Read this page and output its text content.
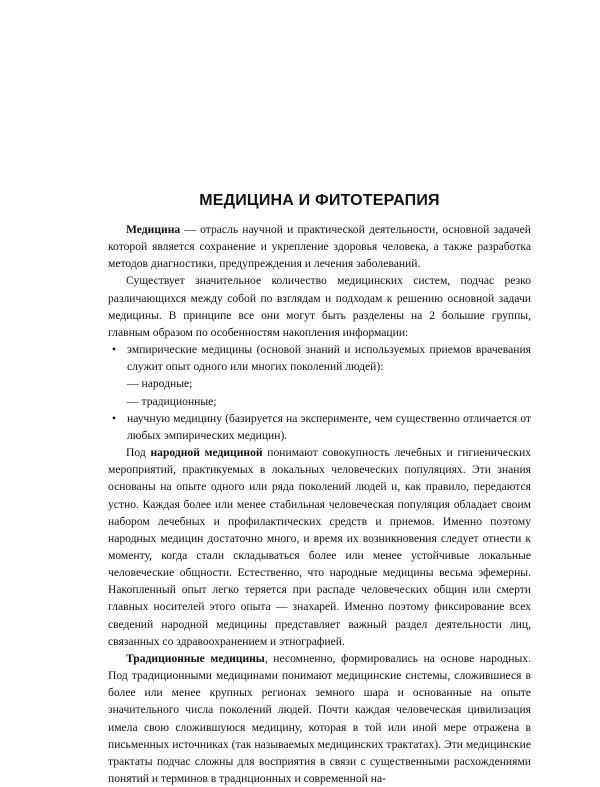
МЕДИЦИНА И ФИТОТЕРАПИЯ

Медицина — отрасль научной и практической деятельности, основной задачей которой является сохранение и укрепление здоровья человека, а также разработка методов диагностики, предупреждения и лечения заболеваний.

Существует значительное количество медицинских систем, подчас резко различающихся между собой по взглядам и подходам к решению основной задачи медицины. В принципе все они могут быть разделены на 2 большие группы, главным образом по особенностям накопления информации:

• эмпирические медицины (основой знаний и используемых приемов врачевания служит опыт одного или многих поколений людей):
— народные;
— традиционные;
• научную медицину (базируется на эксперименте, чем существенно отличается от любых эмпирических медицин).

Под народной медициной понимают совокупность лечебных и гигиенических мероприятий, практикуемых в локальных человеческих популяциях. Эти знания основаны на опыте одного или ряда поколений людей и, как правило, передаются устно. Каждая более или менее стабильная человеческая популяция обладает своим набором лечебных и профилактических средств и приемов. Именно поэтому народных медицин достаточно много, и время их возникновения следует отнести к моменту, когда стали складываться более или менее устойчивые локальные человеческие общности. Естественно, что народные медицины весьма эфемерны. Накопленный опыт легко теряется при распаде человеческих общин или смерти главных носителей этого опыта — знахарей. Именно поэтому фиксирование всех сведений народной медицины представляет важный раздел деятельности лиц, связанных со здравоохранением и этнографией.

Традиционные медицины, несомненно, формировались на основе народных. Под традиционными медицинами понимают медицинские системы, сложившиеся в более или менее крупных регионах земного шара и основанные на опыте значительного числа поколений людей. Почти каждая человеческая цивилизация имела свою сложившуюся медицину, которая в той или иной мере отражена в письменных источниках (так называемых медицинских трактатах). Эти медицинские трактаты подчас сложны для восприятия в связи с существенными расхождениями понятий и терминов в традиционных и современной на-
